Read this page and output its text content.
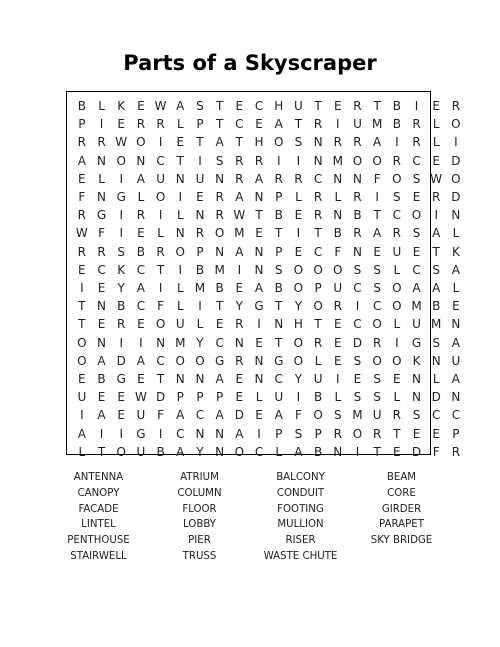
Parts of a Skyscraper
B	L	K E W A S	T	E C H U T	E R T B	I	E R
P	I	E R R	L	P	T C E A T R	I	U M B R	L O
R R W O	I	E	T A T H O S N R R A	I	R	L	I
A N O N C T	I	S R R	I	I	N M O O R C E D
E	L	I	A U N U N R A R R C N N F O S W O
F N G L O	I	E R A N P	L	R	L	R	I	S	E R D
R G	I	R	I	L N R W T B E R N B T C O	I	N
W F	I	E	L N R O M E	T	I	T B R A R S A	L
R R S B R O P N A N P	E C	F N E U E	T	K
E C K C T	I	B M	I	N S O O O S	S	L	C S A
I	E	Y A	I	L M B E A B O P U C S O A A	L
T N B C	F	L	I	T	Y G T	Y O R	I	C O M B E
T	E R E O U L	E R	I	N H T	E C O L U M N
O N	I	I	N M Y C N E	T O R E D R	I	G S A
O A D A C O O G R N G O L	E	S O O K N U
E B G E	T N N A E N C Y U	I	E	S	E N L	A
U E	E W D P	P	P	E	L U	I	B	L	S	S	L N D N
I	A E U F	A C A D E A	F O S M U R S C C
A	I	I	G	I	C N N A	I	P	S	P R O R T	E	E	P
L	T O U B A Y N O C	L	A B N	I	T	E D F	R
ANTENNA	ATRIUM	BALCONY	BEAM
CANOPY	COLUMN	CONDUIT	CORE
FACADE	FLOOR	FOOTING	GIRDER
LINTEL	LOBBY	MULLION	PARAPET
PENTHOUSE	PIER	RISER	SKY BRIDGE
STAIRWELL	TRUSS	WASTE CHUTE
